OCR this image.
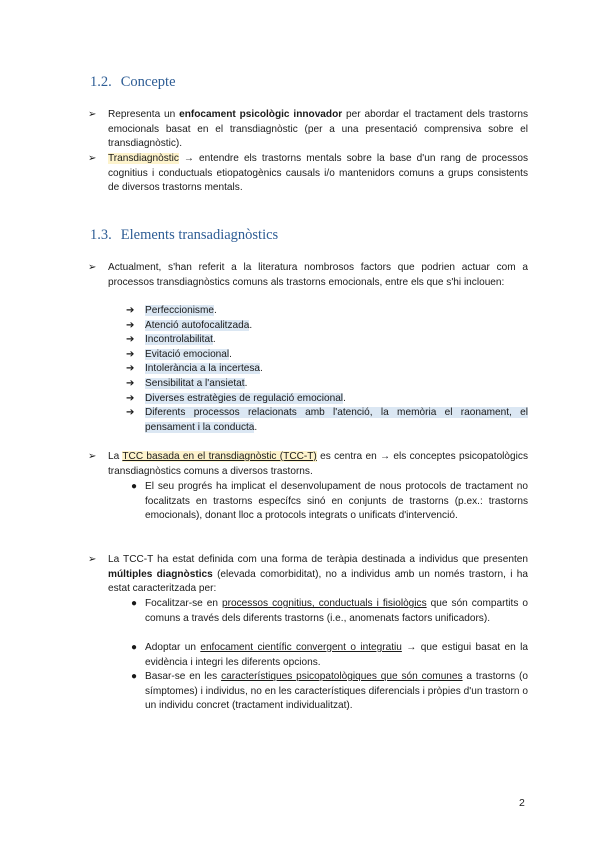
1.2. Concepte
➢ Representa un enfocament psicològic innovador per abordar el tractament dels trastorns emocionals basat en el transdiagnòstic (per a una presentació comprensiva sobre el transdiagnòstic).
➢ Transdiagnòstic → entendre els trastorns mentals sobre la base d'un rang de processos cognitius i conductuals etiopatogènics causals i/o mantenidors comuns a grups consistents de diversos trastorns mentals.
1.3. Elements transadiagnòstics
➢ Actualment, s'han referit a la literatura nombrosos factors que podrien actuar com a processos transdiagnòstics comuns als trastorns emocionals, entre els que s'hi inclouen:
➔ Perfeccionisme.
➔ Atenció autofocalitzada.
➔ Incontrolabilitat.
➔ Evitació emocional.
➔ Intolerància a la incertesa.
➔ Sensibilitat a l'ansietat.
➔ Diverses estratègies de regulació emocional.
➔ Diferents processos relacionats amb l'atenció, la memòria el raonament, el pensament i la conducta.
➢ La TCC basada en el transdiagnòstic (TCC-T) es centra en → els conceptes psicopatològics transdiagnòstics comuns a diversos trastorns.
● El seu progrés ha implicat el desenvolupament de nous protocols de tractament no focalitzats en trastorns específcs sinó en conjunts de trastorns (p.ex.: trastorns emocionals), donant lloc a protocols integrats o unificats d'intervenció.
➢ La TCC-T ha estat definida com una forma de teràpia destinada a individus que presenten múltiples diagnòstics (elevada comorbiditat), no a individus amb un només trastorn, i ha estat caracteritzada per:
● Focalitzar-se en processos cognitius, conductuals i fisiològics que són compartits o comuns a través dels diferents trastorns (i.e., anomenats factors unificadors).
● Adoptar un enfocament científic convergent o integratiu → que estigui basat en la evidència i integri les diferents opcions.
● Basar-se en les característiques psicopatològiques que són comunes a trastorns (o símptomes) i individus, no en les característiques diferencials i pròpies d'un trastorn o un individu concret (tractament individualitzat).
2
